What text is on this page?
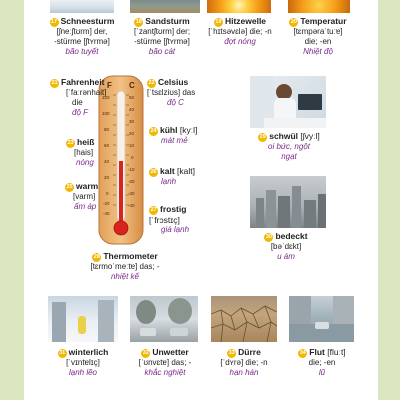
17 Schneesturm
[ʃneːʃtʊrm] der,
-stürme [ʃtʏrmə]
bão tuyết
18 Sandsturm
[ˈzantʃtʊrm] der;
-stürme [ʃtʏrmə]
bão cát
19 Hitzewelle
[ˈhɪtsəvɛlə] die; -n
đợt nóng
20 Temperatur
[tɛmpəraˈtuːɐ]
die; -en
Nhiệt độ
F C
120
100
80
60
40
20
0
-20
-40
50
40
30
20
10
0
-10
-20
-30
-40
21 Fahrenheit
[ˈfaːrənhait]
die
độ F
22 Celsius
[ˈtsɛlziʊs] das
độ C
23 heiß
[hais]
nóng
24 kühl [kyːl]
mát mẻ
25 warm
[varm]
ấm áp
26 kalt [kalt]
lạnh
27 frostig [ˈfrɔstɪç]
giá lạnh
28 Thermometer
[tɛrmoˈmeːtɐ] das; -
nhiệt kế
29 schwül [ʃvyːl]
oi bức, ngột
ngạt
30 bedeckt
[bəˈdɛkt]
u ám
31 winterlich
[ˈvɪntɐlɪç]
lạnh lẽo
32 Unwetter
[ˈʊnvɛtɐ] das; -
khắc nghiệt
33 Dürre
[ˈdʏrə] die; -n
hạn hán
34 Flut [fluːt]
die; -en
lũ
